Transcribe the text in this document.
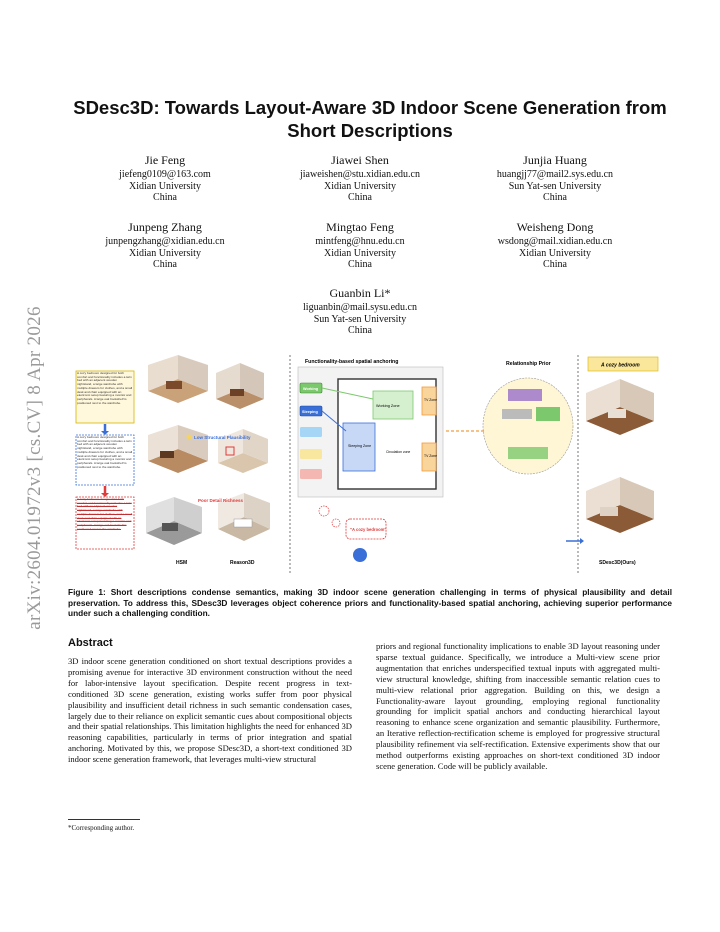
arXiv:2604.01972v3 [cs.CV] 8 Apr 2026
SDesc3D: Towards Layout-Aware 3D Indoor Scene Generation from Short Descriptions
Jie Feng
jiefeng0109@163.com
Xidian University
China
Jiawei Shen
jiaweishen@stu.xidian.edu.cn
Xidian University
China
Junjia Huang
huangjj77@mail2.sys.edu.cn
Sun Yat-sen University
China
Junpeng Zhang
junpengzhang@xidian.edu.cn
Xidian University
China
Mingtao Feng
mintfeng@hnu.edu.cn
Xidian University
China
Weisheng Dong
wsdong@mail.xidian.edu.cn
Xidian University
China
Guanbin Li*
liguanbin@mail.sysu.edu.cn
Sun Yat-sen University
China
A cozy bedroom designed for both comfort and functionality includes a twin bed with an adjacent wooden nightstand, a large wardrobe with multiple drawers for clothes, and a small desk and chair equipped with an electronic setup featuring a monitor and peripherals. A large oak bookshelf is positioned next to the wardrobe.
A cozy bedroom designed for both comfort and functionality includes a twin bed with an adjacent wooden nightstand, a large wardrobe with multiple drawers for clothes, and a small desk and chair equipped with an electronic setup featuring a monitor and peripherals. A large oak bookshelf is positioned next to the wardrobe.
A cozy bedroom designed for both comfort and functionality includes a twin bed with an adjacent wooden nightstand, a large wardrobe with multiple drawers for clothes, and a small desk and chair equipped with an electronic setup featuring a monitor and peripherals. A large oak bookshelf is positioned next to the wardrobe.
Low Structural Plausibility
Poor Detail Richness
HSM	Reason3D
Functionality-based spatial anchoring
Working
Sleeping
Working Zone
Sleeping Zone
Circulation zone
TV Zone
TV Zone
"A cozy bedroom"
Relationship Prior	A cozy bedroom
SDesc3D(Ours)
Figure 1: Short descriptions condense semantics, making 3D indoor scene generation challenging in terms of physical plausibility and detail preservation. To address this, SDesc3D leverages object coherence priors and functionality-based spatial anchoring, achieving superior performance under such a challenging condition.
Abstract
3D indoor scene generation conditioned on short textual descriptions provides a promising avenue for interactive 3D environment construction without the need for labor-intensive layout specification. Despite recent progress in text-conditioned 3D scene generation, existing works suffer from poor physical plausibility and insufficient detail richness in such semantic condensation cases, largely due to their reliance on explicit semantic cues about compositional objects and their spatial relationships. This limitation highlights the need for enhanced 3D reasoning capabilities, particularly in terms of prior integration and spatial anchoring. Motivated by this, we propose SDesc3D, a short-text conditioned 3D indoor scene generation framework, that leverages multi-view structural
priors and regional functionality implications to enable 3D layout reasoning under sparse textual guidance. Specifically, we introduce a Multi-view scene prior augmentation that enriches underspecified textual inputs with aggregated multi-view structural knowledge, shifting from inaccessible semantic relation cues to multi-view relational prior aggregation. Building on this, we design a Functionality-aware layout grounding, employing regional functionality grounding for implicit spatial anchors and conducting hierarchical layout reasoning to enhance scene organization and semantic plausibility. Furthermore, an Iterative reflection-rectification scheme is employed for progressive structural plausibility refinement via self-rectification. Extensive experiments show that our method outperforms existing approaches on short-text conditioned 3D indoor scene generation. Code will be publicly available.
*Corresponding author.
